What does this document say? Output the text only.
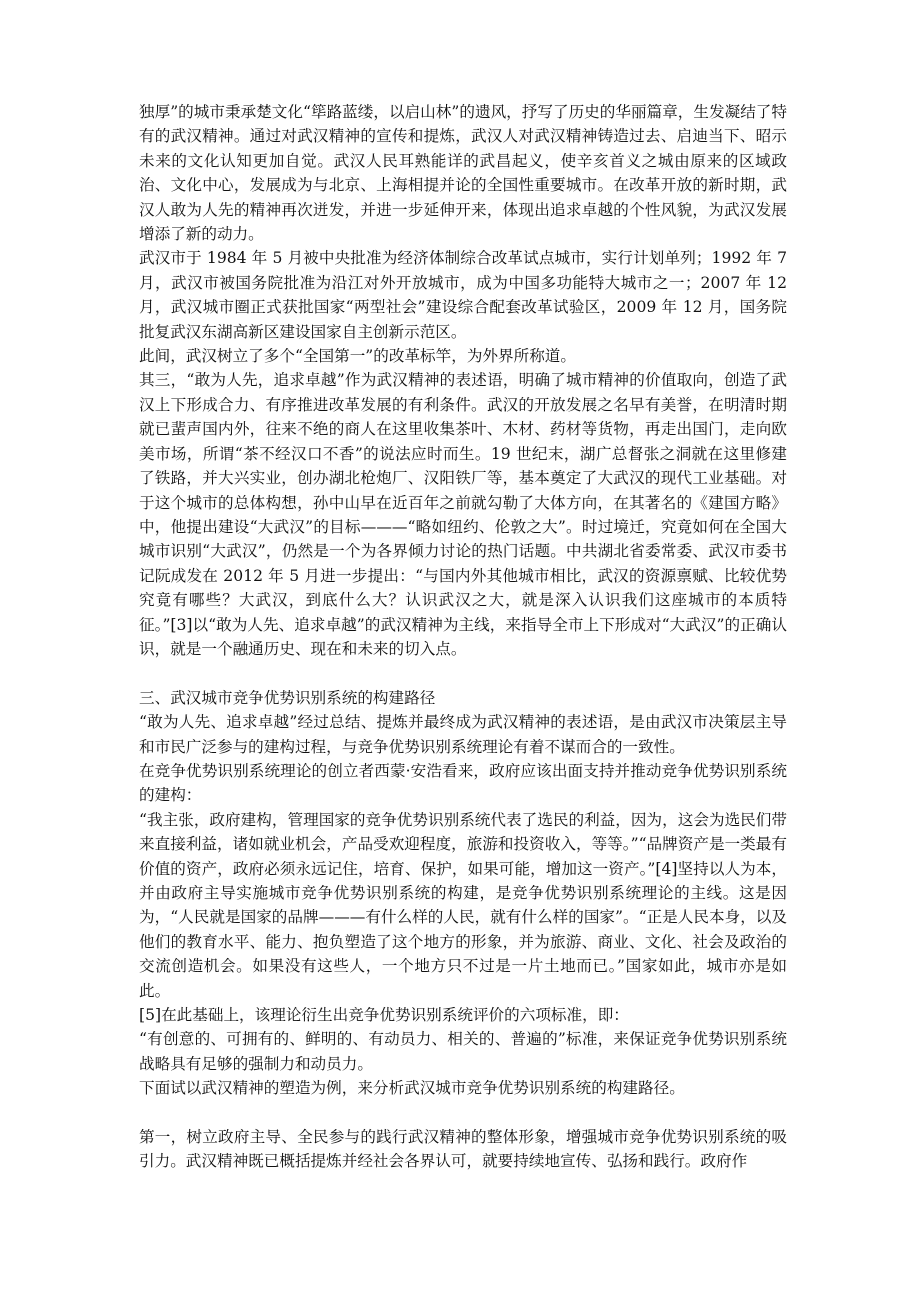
独厚”的城市秉承楚文化“筚路蓝缕，以启山林”的遗风，抒写了历史的华丽篇章，生发凝结了特有的武汉精神。通过对武汉精神的宣传和提炼，武汉人对武汉精神铸造过去、启迪当下、昭示未来的文化认知更加自觉。武汉人民耳熟能详的武昌起义，使辛亥首义之城由原来的区域政治、文化中心，发展成为与北京、上海相提并论的全国性重要城市。在改革开放的新时期，武汉人敢为人先的精神再次迸发，并进一步延伸开来，体现出追求卓越的个性风貌，为武汉发展增添了新的动力。

武汉市于 1984 年 5 月被中央批准为经济体制综合改革试点城市，实行计划单列；1992 年 7 月，武汉市被国务院批准为沿江对外开放城市，成为中国多功能特大城市之一；2007 年 12 月，武汉城市圈正式获批国家“两型社会”建设综合配套改革试验区，2009 年 12 月，国务院批复武汉东湖高新区建设国家自主创新示范区。

此间，武汉树立了多个“全国第一”的改革标竿，为外界所称道。

其三，“敢为人先，追求卓越”作为武汉精神的表述语，明确了城市精神的价值取向，创造了武汉上下形成合力、有序推进改革发展的有利条件。武汉的开放发展之名早有美誉，在明清时期就已蜚声国内外，往来不绝的商人在这里收集茶叶、木材、药材等货物，再走出国门，走向欧美市场，所谓“茶不经汉口不香”的说法应时而生。19 世纪末，湖广总督张之洞就在这里修建了铁路，并大兴实业，创办湖北枪炮厂、汉阳铁厂等，基本奠定了大武汉的现代工业基础。对于这个城市的总体构想，孙中山早在近百年之前就勾勒了大体方向，在其著名的《建国方略》中，他提出建设“大武汉”的目标———“略如纽约、伦敦之大”。时过境迁，究竟如何在全国大城市识别“大武汉”，仍然是一个为各界倾力讨论的热门话题。中共湖北省委常委、武汉市委书记阮成发在 2012 年 5 月进一步提出：“与国内外其他城市相比，武汉的资源禀赋、比较优势究竟有哪些？大武汉，到底什么大？认识武汉之大，就是深入认识我们这座城市的本质特征。”[3]以“敢为人先、追求卓越”的武汉精神为主线，来指导全市上下形成对“大武汉”的正确认识，就是一个融通历史、现在和未来的切入点。

三、武汉城市竞争优势识别系统的构建路径

“敢为人先、追求卓越”经过总结、提炼并最终成为武汉精神的表述语，是由武汉市决策层主导和市民广泛参与的建构过程，与竞争优势识别系统理论有着不谋而合的一致性。

在竞争优势识别系统理论的创立者西蒙·安浩看来，政府应该出面支持并推动竞争优势识别系统的建构：

“我主张，政府建构，管理国家的竞争优势识别系统代表了选民的利益，因为，这会为选民们带来直接利益，诸如就业机会，产品受欢迎程度，旅游和投资收入，等等。”“品牌资产是一类最有价值的资产，政府必须永远记住，培育、保护，如果可能，增加这一资产。”[4]坚持以人为本，并由政府主导实施城市竞争优势识别系统的构建，是竞争优势识别系统理论的主线。这是因为，“人民就是国家的品牌———有什么样的人民，就有什么样的国家”。“正是人民本身，以及他们的教育水平、能力、抱负塑造了这个地方的形象，并为旅游、商业、文化、社会及政治的交流创造机会。如果没有这些人，一个地方只不过是一片土地而已。”国家如此，城市亦是如此。

[5]在此基础上，该理论衍生出竞争优势识别系统评价的六项标准，即：

“有创意的、可拥有的、鲜明的、有动员力、相关的、普遍的”标准，来保证竞争优势识别系统战略具有足够的强制力和动员力。

下面试以武汉精神的塑造为例，来分析武汉城市竞争优势识别系统的构建路径。

第一，树立政府主导、全民参与的践行武汉精神的整体形象，增强城市竞争优势识别系统的吸引力。武汉精神既已概括提炼并经社会各界认可，就要持续地宣传、弘扬和践行。政府作
